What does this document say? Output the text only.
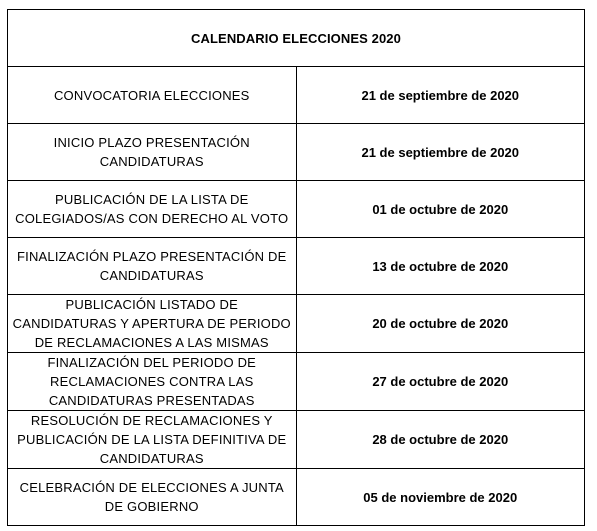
CALENDARIO ELECCIONES 2020	
CONVOCATORIA ELECCIONES	21 de septiembre de 2020
INICIO PLAZO PRESENTACIÓN CANDIDATURAS	21 de septiembre de 2020
PUBLICACIÓN DE LA LISTA DE COLEGIADOS/AS CON DERECHO AL VOTO	01 de octubre de 2020
FINALIZACIÓN PLAZO PRESENTACIÓN DE CANDIDATURAS	13 de octubre de 2020
PUBLICACIÓN LISTADO DE CANDIDATURAS Y APERTURA DE PERIODO DE RECLAMACIONES A LAS MISMAS	20 de octubre de 2020
FINALIZACIÓN DEL PERIODO DE RECLAMACIONES CONTRA LAS CANDIDATURAS PRESENTADAS	27 de octubre de 2020
RESOLUCIÓN DE RECLAMACIONES Y PUBLICACIÓN DE LA LISTA DEFINITIVA DE CANDIDATURAS	28 de octubre de 2020
CELEBRACIÓN DE ELECCIONES A JUNTA DE GOBIERNO	05 de noviembre de 2020
